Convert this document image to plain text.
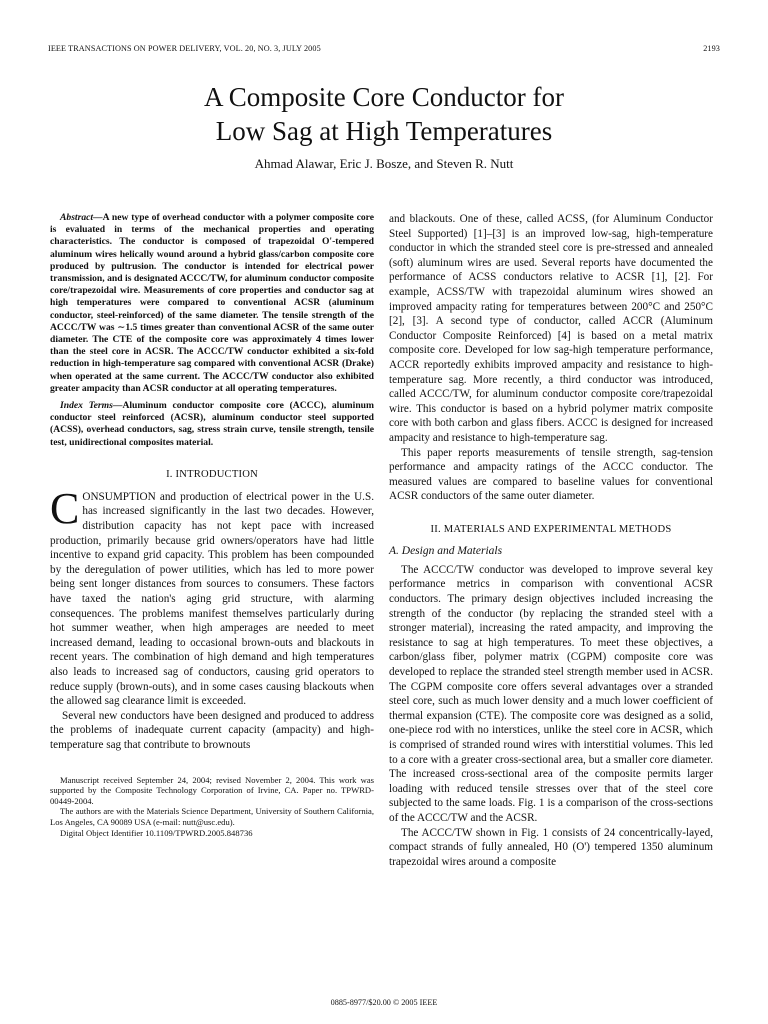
IEEE TRANSACTIONS ON POWER DELIVERY, VOL. 20, NO. 3, JULY 2005	2193
A Composite Core Conductor for
Low Sag at High Temperatures
Ahmad Alawar, Eric J. Bosze, and Steven R. Nutt

Abstract—A new type of overhead conductor with a polymer composite core is evaluated in terms of the mechanical properties and operating characteristics. The conductor is composed of trapezoidal O'-tempered aluminum wires helically wound around a hybrid glass/carbon composite core produced by pultrusion. The conductor is intended for electrical power transmission, and is designated ACCC/TW, for aluminum conductor composite core/trapezoidal wire. Measurements of core properties and conductor sag at high temperatures were compared to conventional ACSR (aluminum conductor, steel-reinforced) of the same diameter. The tensile strength of the ACCC/TW was ∼1.5 times greater than conventional ACSR of the same outer diameter. The CTE of the composite core was approximately 4 times lower than the steel core in ACSR. The ACCC/TW conductor exhibited a six-fold reduction in high-temperature sag compared with conventional ACSR (Drake) when operated at the same current. The ACCC/TW conductor also exhibited greater ampacity than ACSR conductor at all operating temperatures.

Index Terms—Aluminum conductor composite core (ACCC), aluminum conductor steel reinforced (ACSR), aluminum conductor steel supported (ACSS), overhead conductors, sag, stress strain curve, tensile strength, tensile test, unidirectional composites material.

I. INTRODUCTION

CONSUMPTION and production of electrical power in the U.S. has increased significantly in the last two decades. However, distribution capacity has not kept pace with increased production, primarily because grid owners/operators have had little incentive to expand grid capacity. This problem has been compounded by the deregulation of power utilities, which has led to more power being sent longer distances from sources to consumers. These factors have taxed the nation's aging grid structure, with alarming consequences. The problems manifest themselves particularly during hot summer weather, when high amperages are needed to meet increased demand, leading to occasional brown-outs and blackouts in recent years. The combination of high demand and high temperatures also leads to increased sag of conductors, causing grid operators to reduce supply (brown-outs), and in some cases causing blackouts when the allowed sag clearance limit is exceeded.

Several new conductors have been designed and produced to address the problems of inadequate current capacity (ampacity) and high-temperature sag that contribute to brownouts

Manuscript received September 24, 2004; revised November 2, 2004. This work was supported by the Composite Technology Corporation of Irvine, CA. Paper no. TPWRD-00449-2004.

The authors are with the Materials Science Department, University of Southern California, Los Angeles, CA 90089 USA (e-mail: nutt@usc.edu).

Digital Object Identifier 10.1109/TPWRD.2005.848736

and blackouts. One of these, called ACSS, (for Aluminum Conductor Steel Supported) [1]–[3] is an improved low-sag, high-temperature conductor in which the stranded steel core is pre-stressed and annealed (soft) aluminum wires are used. Several reports have documented the performance of ACSS conductors relative to ACSR [1], [2]. For example, ACSS/TW with trapezoidal aluminum wires showed an improved ampacity rating for temperatures between 200°C and 250°C [2], [3]. A second type of conductor, called ACCR (Aluminum Conductor Composite Reinforced) [4] is based on a metal matrix composite core. Developed for low sag-high temperature performance, ACCR reportedly exhibits improved ampacity and resistance to high-temperature sag. More recently, a third conductor was introduced, called ACCC/TW, for aluminum conductor composite core/trapezoidal wire. This conductor is based on a hybrid polymer matrix composite core with both carbon and glass fibers. ACCC is designed for increased ampacity and resistance to high-temperature sag.

This paper reports measurements of tensile strength, sag-tension performance and ampacity ratings of the ACCC conductor. The measured values are compared to baseline values for conventional ACSR conductors of the same outer diameter.

II. MATERIALS AND EXPERIMENTAL METHODS
A. Design and Materials

The ACCC/TW conductor was developed to improve several key performance metrics in comparison with conventional ACSR conductors. The primary design objectives included increasing the strength of the conductor (by replacing the stranded steel with a stronger material), increasing the rated ampacity, and improving the resistance to sag at high temperatures. To meet these objectives, a carbon/glass fiber, polymer matrix (CGPM) composite core was developed to replace the stranded steel strength member used in ACSR. The CGPM composite core offers several advantages over a stranded steel core, such as much lower density and a much lower coefficient of thermal expansion (CTE). The composite core was designed as a solid, one-piece rod with no interstices, unlike the steel core in ACSR, which is comprised of stranded round wires with interstitial volumes. This led to a core with a greater cross-sectional area, but a smaller core diameter. The increased cross-sectional area of the composite permits larger loading with reduced tensile stresses over that of the steel core subjected to the same loads. Fig. 1 is a comparison of the cross-sections of the ACCC/TW and the ACSR.

The ACCC/TW shown in Fig. 1 consists of 24 concentrically-layed, compact strands of fully annealed, H0 (O') tempered 1350 aluminum trapezoidal wires around a composite

0885-8977/$20.00 © 2005 IEEE
